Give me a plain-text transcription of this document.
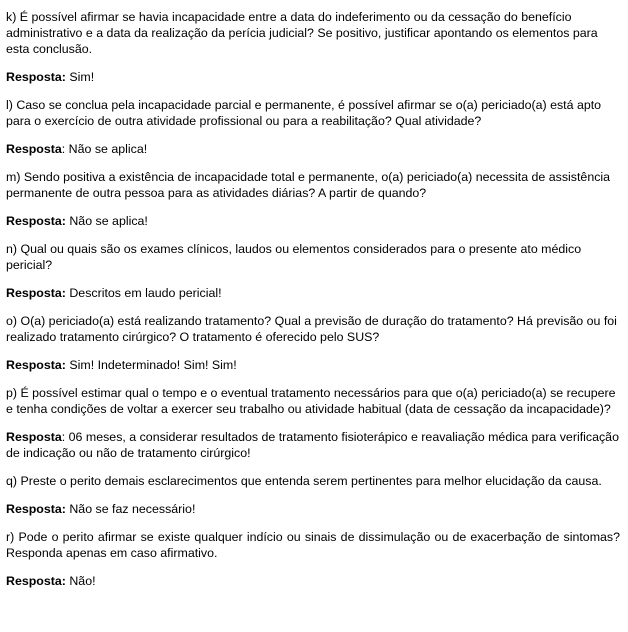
k) É possível afirmar se havia incapacidade entre a data do indeferimento ou da cessação do benefício administrativo e a data da realização da perícia judicial? Se positivo, justificar apontando os elementos para esta conclusão.

Resposta: Sim!

l) Caso se conclua pela incapacidade parcial e permanente, é possível afirmar se o(a) periciado(a) está apto para o exercício de outra atividade profissional ou para a reabilitação? Qual atividade?

Resposta: Não se aplica!

m) Sendo positiva a existência de incapacidade total e permanente, o(a) periciado(a) necessita de assistência permanente de outra pessoa para as atividades diárias? A partir de quando?

Resposta: Não se aplica!

n) Qual ou quais são os exames clínicos, laudos ou elementos considerados para o presente ato médico pericial?

Resposta: Descritos em laudo pericial!

o) O(a) periciado(a) está realizando tratamento? Qual a previsão de duração do tratamento? Há previsão ou foi realizado tratamento cirúrgico? O tratamento é oferecido pelo SUS?

Resposta: Sim! Indeterminado! Sim! Sim!

p) É possível estimar qual o tempo e o eventual tratamento necessários para que o(a) periciado(a) se recupere e tenha condições de voltar a exercer seu trabalho ou atividade habitual (data de cessação da incapacidade)?

Resposta: 06 meses, a considerar resultados de tratamento fisioterápico e reavaliação médica para verificação de indicação ou não de tratamento cirúrgico!

q) Preste o perito demais esclarecimentos que entenda serem pertinentes para melhor elucidação da causa.

Resposta: Não se faz necessário!

r) Pode o perito afirmar se existe qualquer indício ou sinais de dissimulação ou de exacerbação de sintomas? Responda apenas em caso afirmativo.

Resposta: Não!
